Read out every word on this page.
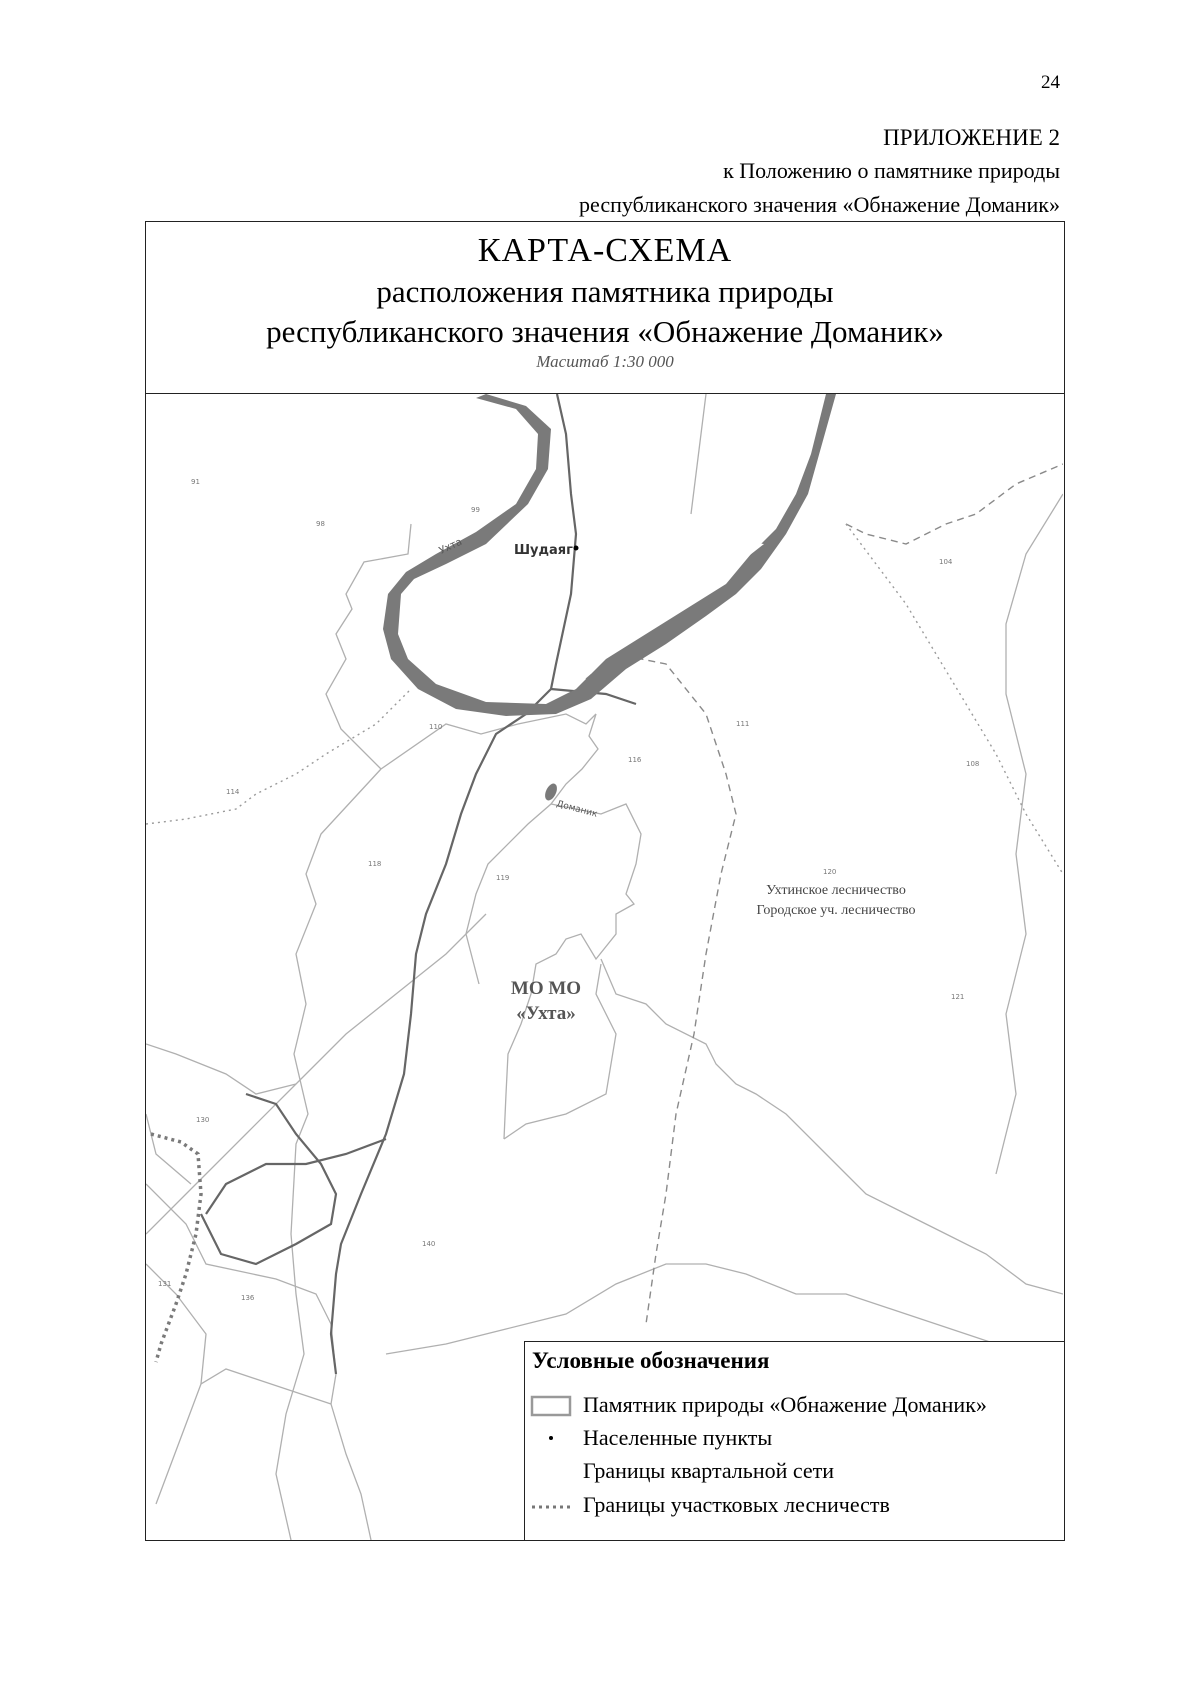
24
ПРИЛОЖЕНИЕ 2
к Положению о памятнике природы
республиканского значения «Обнажение Доманик»
КАРТА-СХЕМА
расположения памятника природы
республиканского значения «Обнажение Доманик»
Масштаб 1:30 000
Шудаяг
Ухта
Доманик
Ухтинское лесничество
Городское уч. лесничество
МО МО
«Ухта»
91
98
99
104
108
110	111
114
116
118
119
120
121
130
131
136
140
Условные обозначения
Памятник природы «Обнажение Доманик»
Населенные пункты
Границы квартальной сети
Границы участковых лесничеств
